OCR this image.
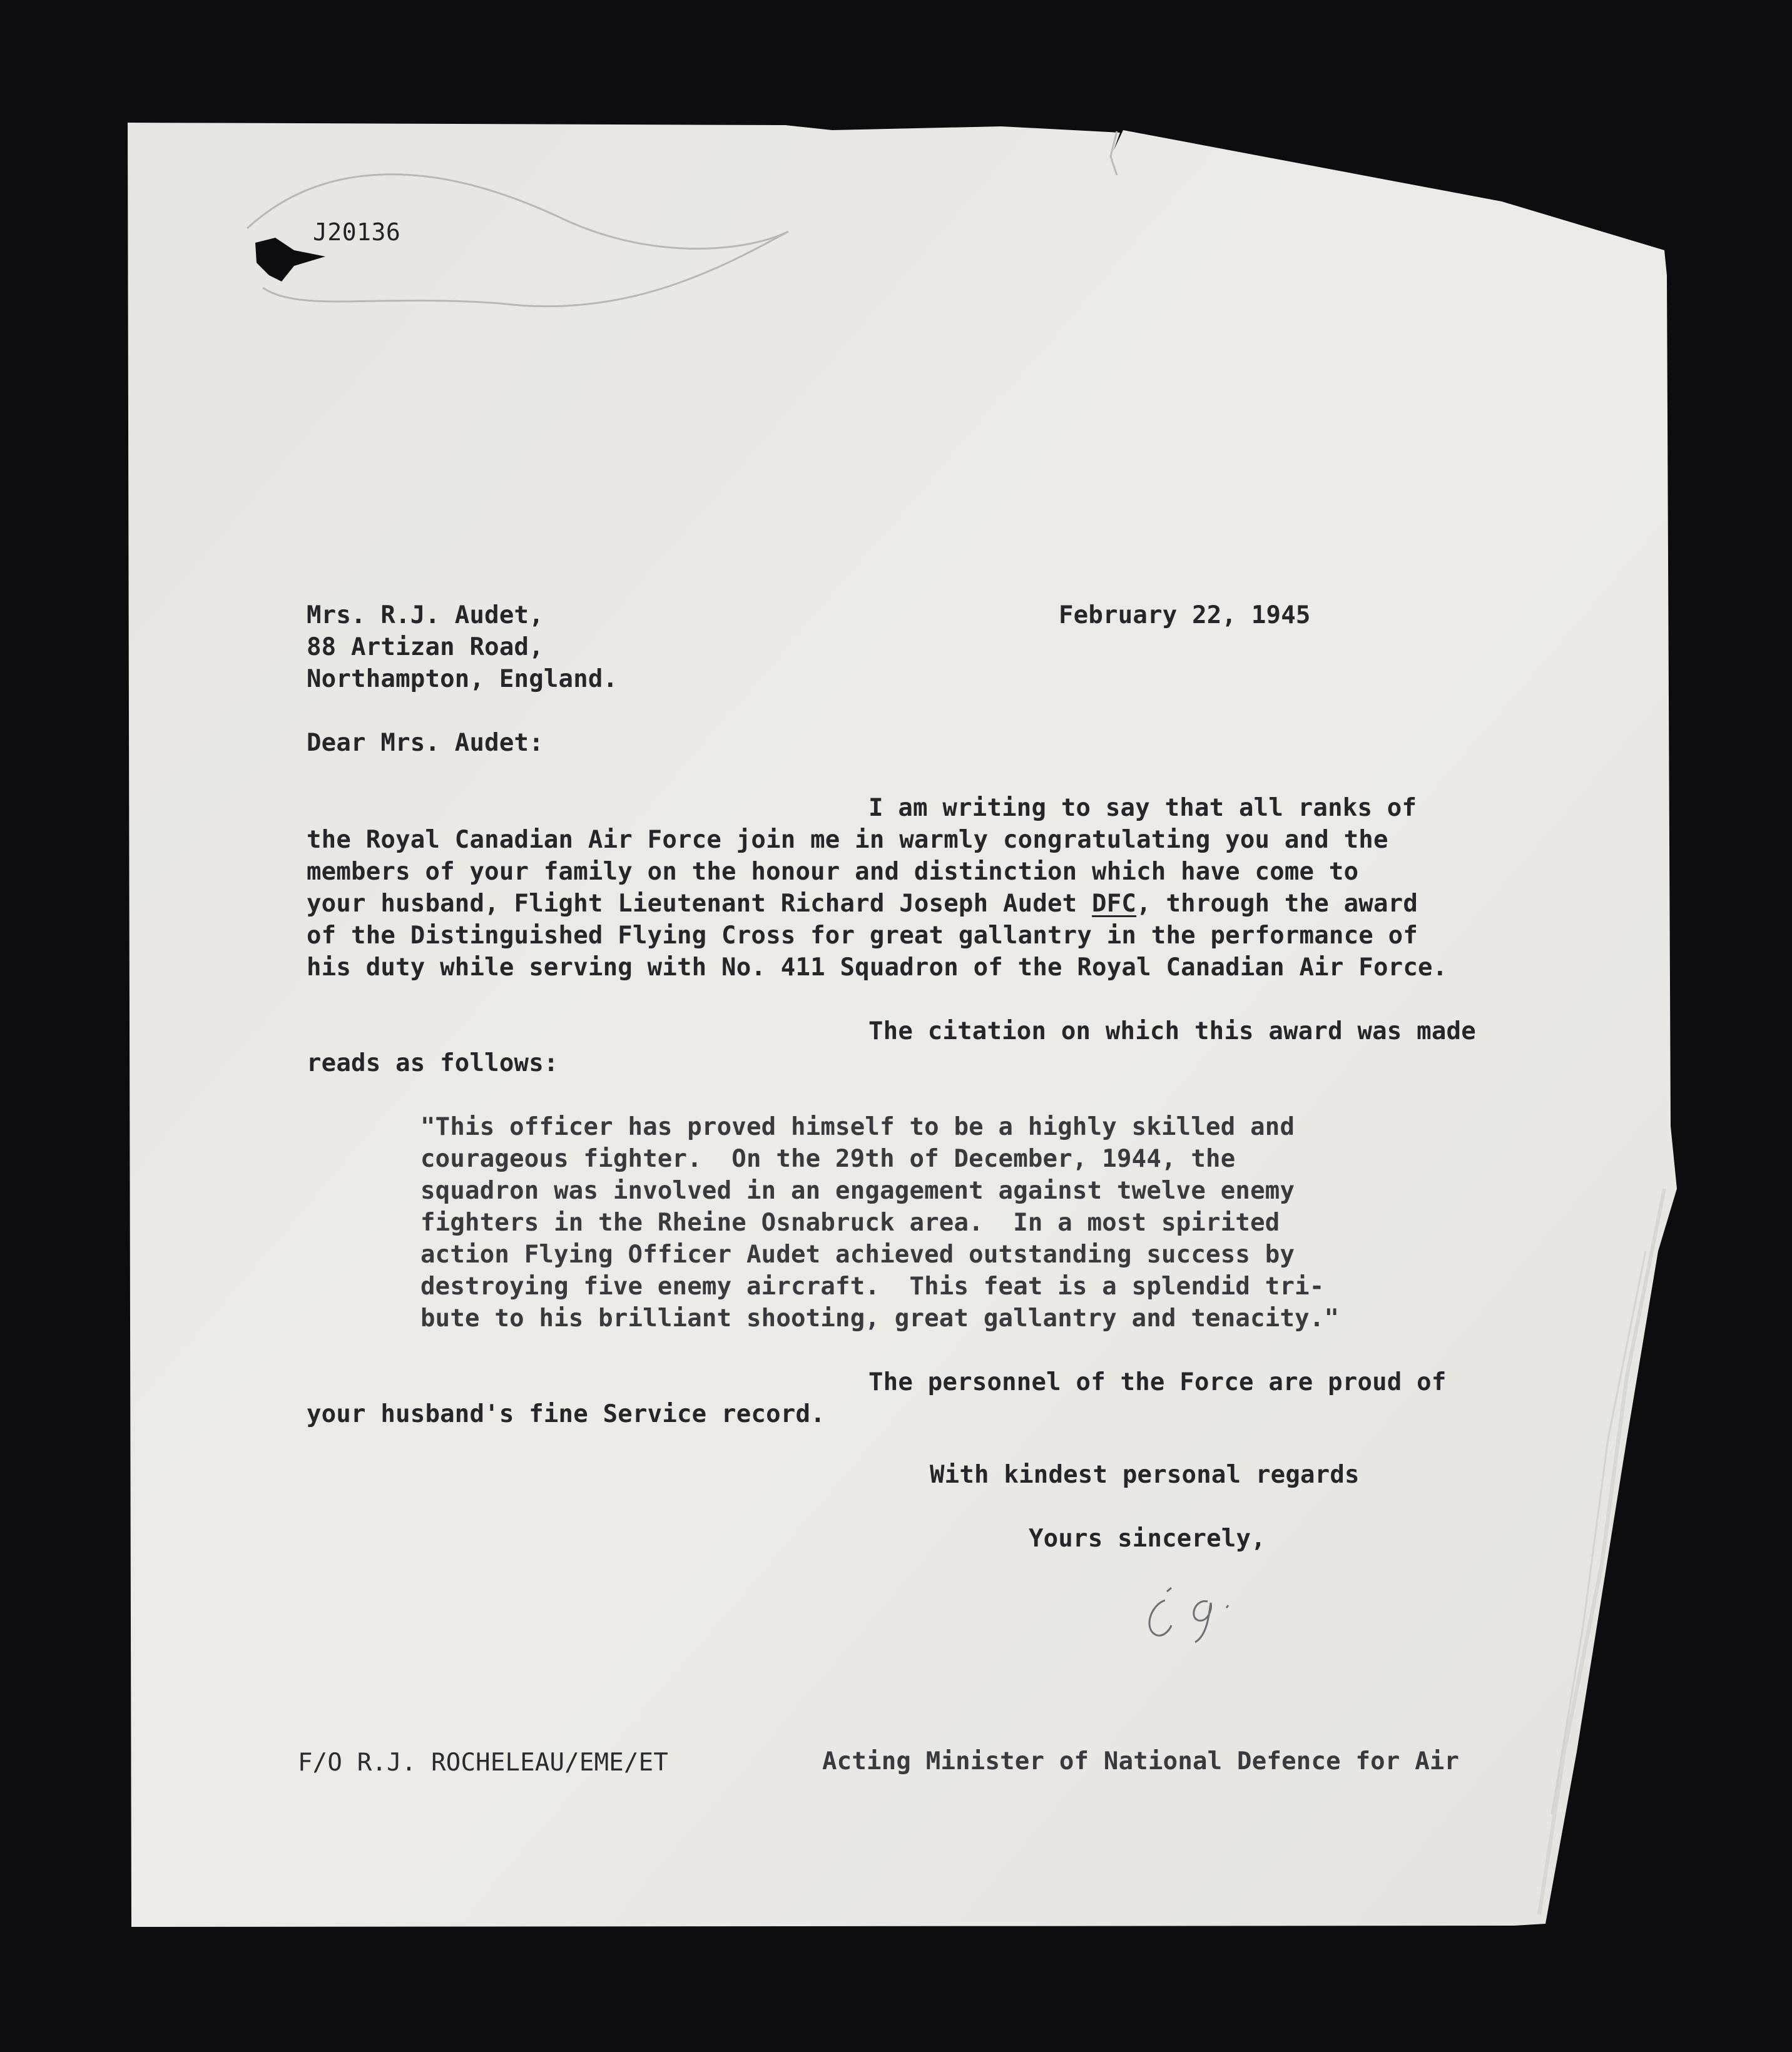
J20136
Mrs. R.J. Audet,
88 Artizan Road,
Northampton, England.
February 22, 1945
Dear Mrs. Audet:
I am writing to say that all ranks of
the Royal Canadian Air Force join me in warmly congratulating you and the
members of your family on the honour and distinction which have come to
your husband, Flight Lieutenant Richard Joseph Audet DFC, through the award
of the Distinguished Flying Cross for great gallantry in the performance of
his duty while serving with No. 411 Squadron of the Royal Canadian Air Force.
The citation on which this award was made
reads as follows:
"This officer has proved himself to be a highly skilled and
courageous fighter.  On the 29th of December, 1944, the
squadron was involved in an engagement against twelve enemy
fighters in the Rheine Osnabruck area.  In a most spirited
action Flying Officer Audet achieved outstanding success by
destroying five enemy aircraft.  This feat is a splendid tri-
bute to his brilliant shooting, great gallantry and tenacity."
The personnel of the Force are proud of
your husband's fine Service record.
With kindest personal regards
Yours sincerely,
F/O R.J. ROCHELEAU/EME/ET	Acting Minister of National Defence for Air
